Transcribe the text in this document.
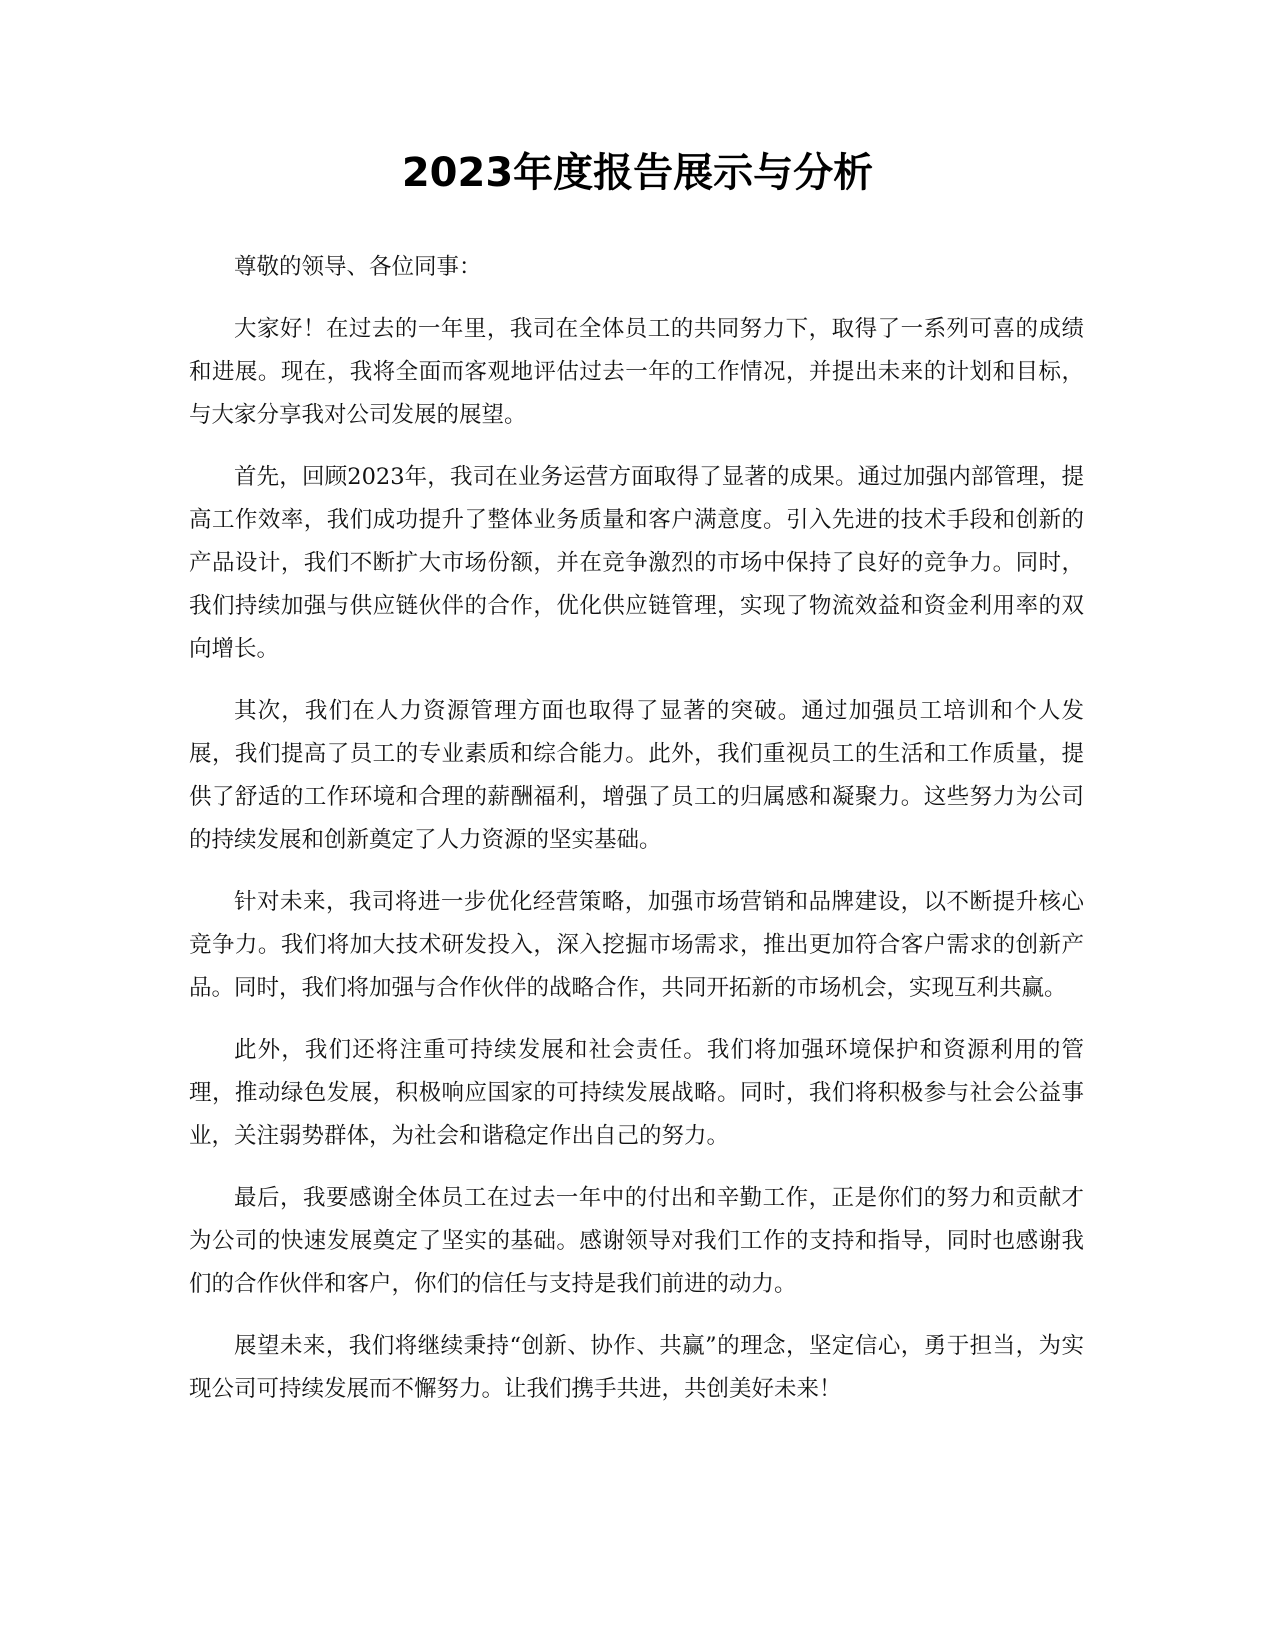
2023年度报告展示与分析

尊敬的领导、各位同事：

大家好！在过去的一年里，我司在全体员工的共同努力下，取得了一系列可喜的成绩和进展。现在，我将全面而客观地评估过去一年的工作情况，并提出未来的计划和目标，与大家分享我对公司发展的展望。

首先，回顾2023年，我司在业务运营方面取得了显著的成果。通过加强内部管理，提高工作效率，我们成功提升了整体业务质量和客户满意度。引入先进的技术手段和创新的产品设计，我们不断扩大市场份额，并在竞争激烈的市场中保持了良好的竞争力。同时，我们持续加强与供应链伙伴的合作，优化供应链管理，实现了物流效益和资金利用率的双向增长。

其次，我们在人力资源管理方面也取得了显著的突破。通过加强员工培训和个人发展，我们提高了员工的专业素质和综合能力。此外，我们重视员工的生活和工作质量，提供了舒适的工作环境和合理的薪酬福利，增强了员工的归属感和凝聚力。这些努力为公司的持续发展和创新奠定了人力资源的坚实基础。

针对未来，我司将进一步优化经营策略，加强市场营销和品牌建设，以不断提升核心竞争力。我们将加大技术研发投入，深入挖掘市场需求，推出更加符合客户需求的创新产品。同时，我们将加强与合作伙伴的战略合作，共同开拓新的市场机会，实现互利共赢。

此外，我们还将注重可持续发展和社会责任。我们将加强环境保护和资源利用的管理，推动绿色发展，积极响应国家的可持续发展战略。同时，我们将积极参与社会公益事业，关注弱势群体，为社会和谐稳定作出自己的努力。

最后，我要感谢全体员工在过去一年中的付出和辛勤工作，正是你们的努力和贡献才为公司的快速发展奠定了坚实的基础。感谢领导对我们工作的支持和指导，同时也感谢我们的合作伙伴和客户，你们的信任与支持是我们前进的动力。

展望未来，我们将继续秉持“创新、协作、共赢”的理念，坚定信心，勇于担当，为实现公司可持续发展而不懈努力。让我们携手共进，共创美好未来！
